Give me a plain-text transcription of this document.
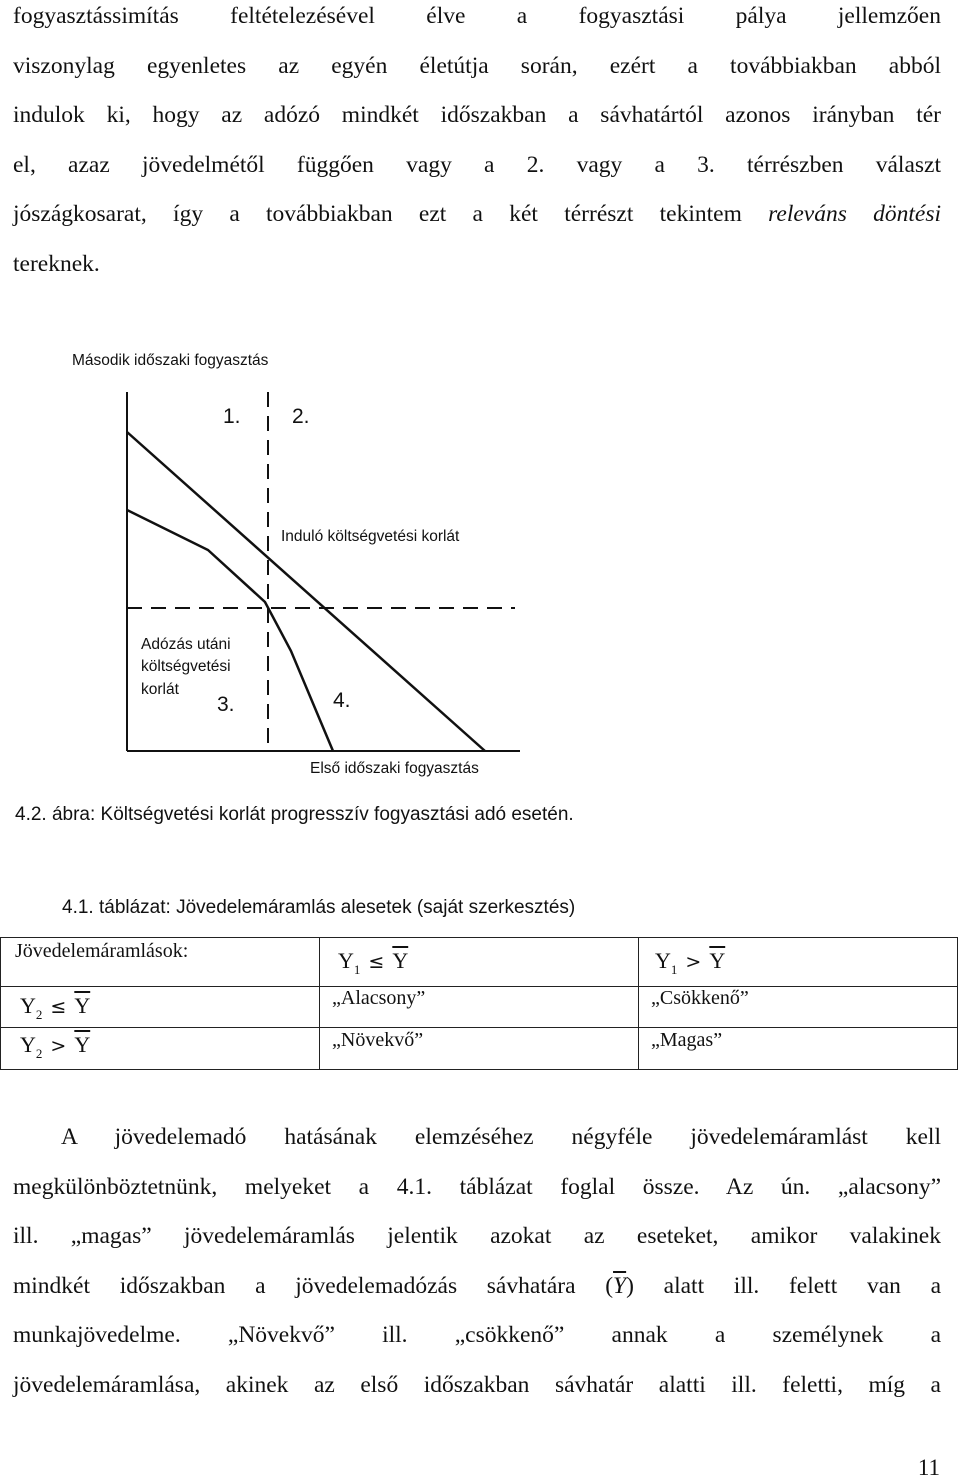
fogyasztássimítás feltételezésével élve a fogyasztási pálya jellemzően
viszonylag egyenletes az egyén életútja során, ezért a továbbiakban abból
indulok ki, hogy az adózó mindkét időszakban a sávhatártól azonos irányban tér
el, azaz jövedelmétől függően vagy a 2. vagy a 3. térrészben választ
jószágkosarat, így a továbbiakban ezt a két térrészt tekintem releváns döntési
tereknek.
Második időszaki fogyasztás
1. 2.
3.	4.
Induló költségvetési korlát
Adózás utáni
költségvetési
korlát
Első időszaki fogyasztás
4.2. ábra: Költségvetési korlát progresszív fogyasztási adó esetén.
4.1. táblázat: Jövedelemáramlás alesetek (saját szerkesztés)
Jövedelemáramlások:	$Y_1 \le \overline{Y}$	$Y_1 > \overline{Y}$

$Y_2 \le \overline{Y}$	„Alacsony”	„Csökkenő”

$Y_2 > \overline{Y}$	„Növekvő”	„Magas”
A jövedelemadó hatásának elemzéséhez négyféle jövedelemáramlást kell
megkülönböztetnünk, melyeket a 4.1. táblázat foglal össze. Az ún. „alacsony”
ill. „magas” jövedelemáramlás jelentik azokat az eseteket, amikor valakinek
mindkét időszakban a jövedelemadózás sávhatára $(\overline{Y})$ alatt ill. felett van a
munkajövedelme. „Növekvő” ill. „csökkenő” annak a személynek a
jövedelemáramlása, akinek az első időszakban sávhatár alatti ill. feletti, míg a
11
